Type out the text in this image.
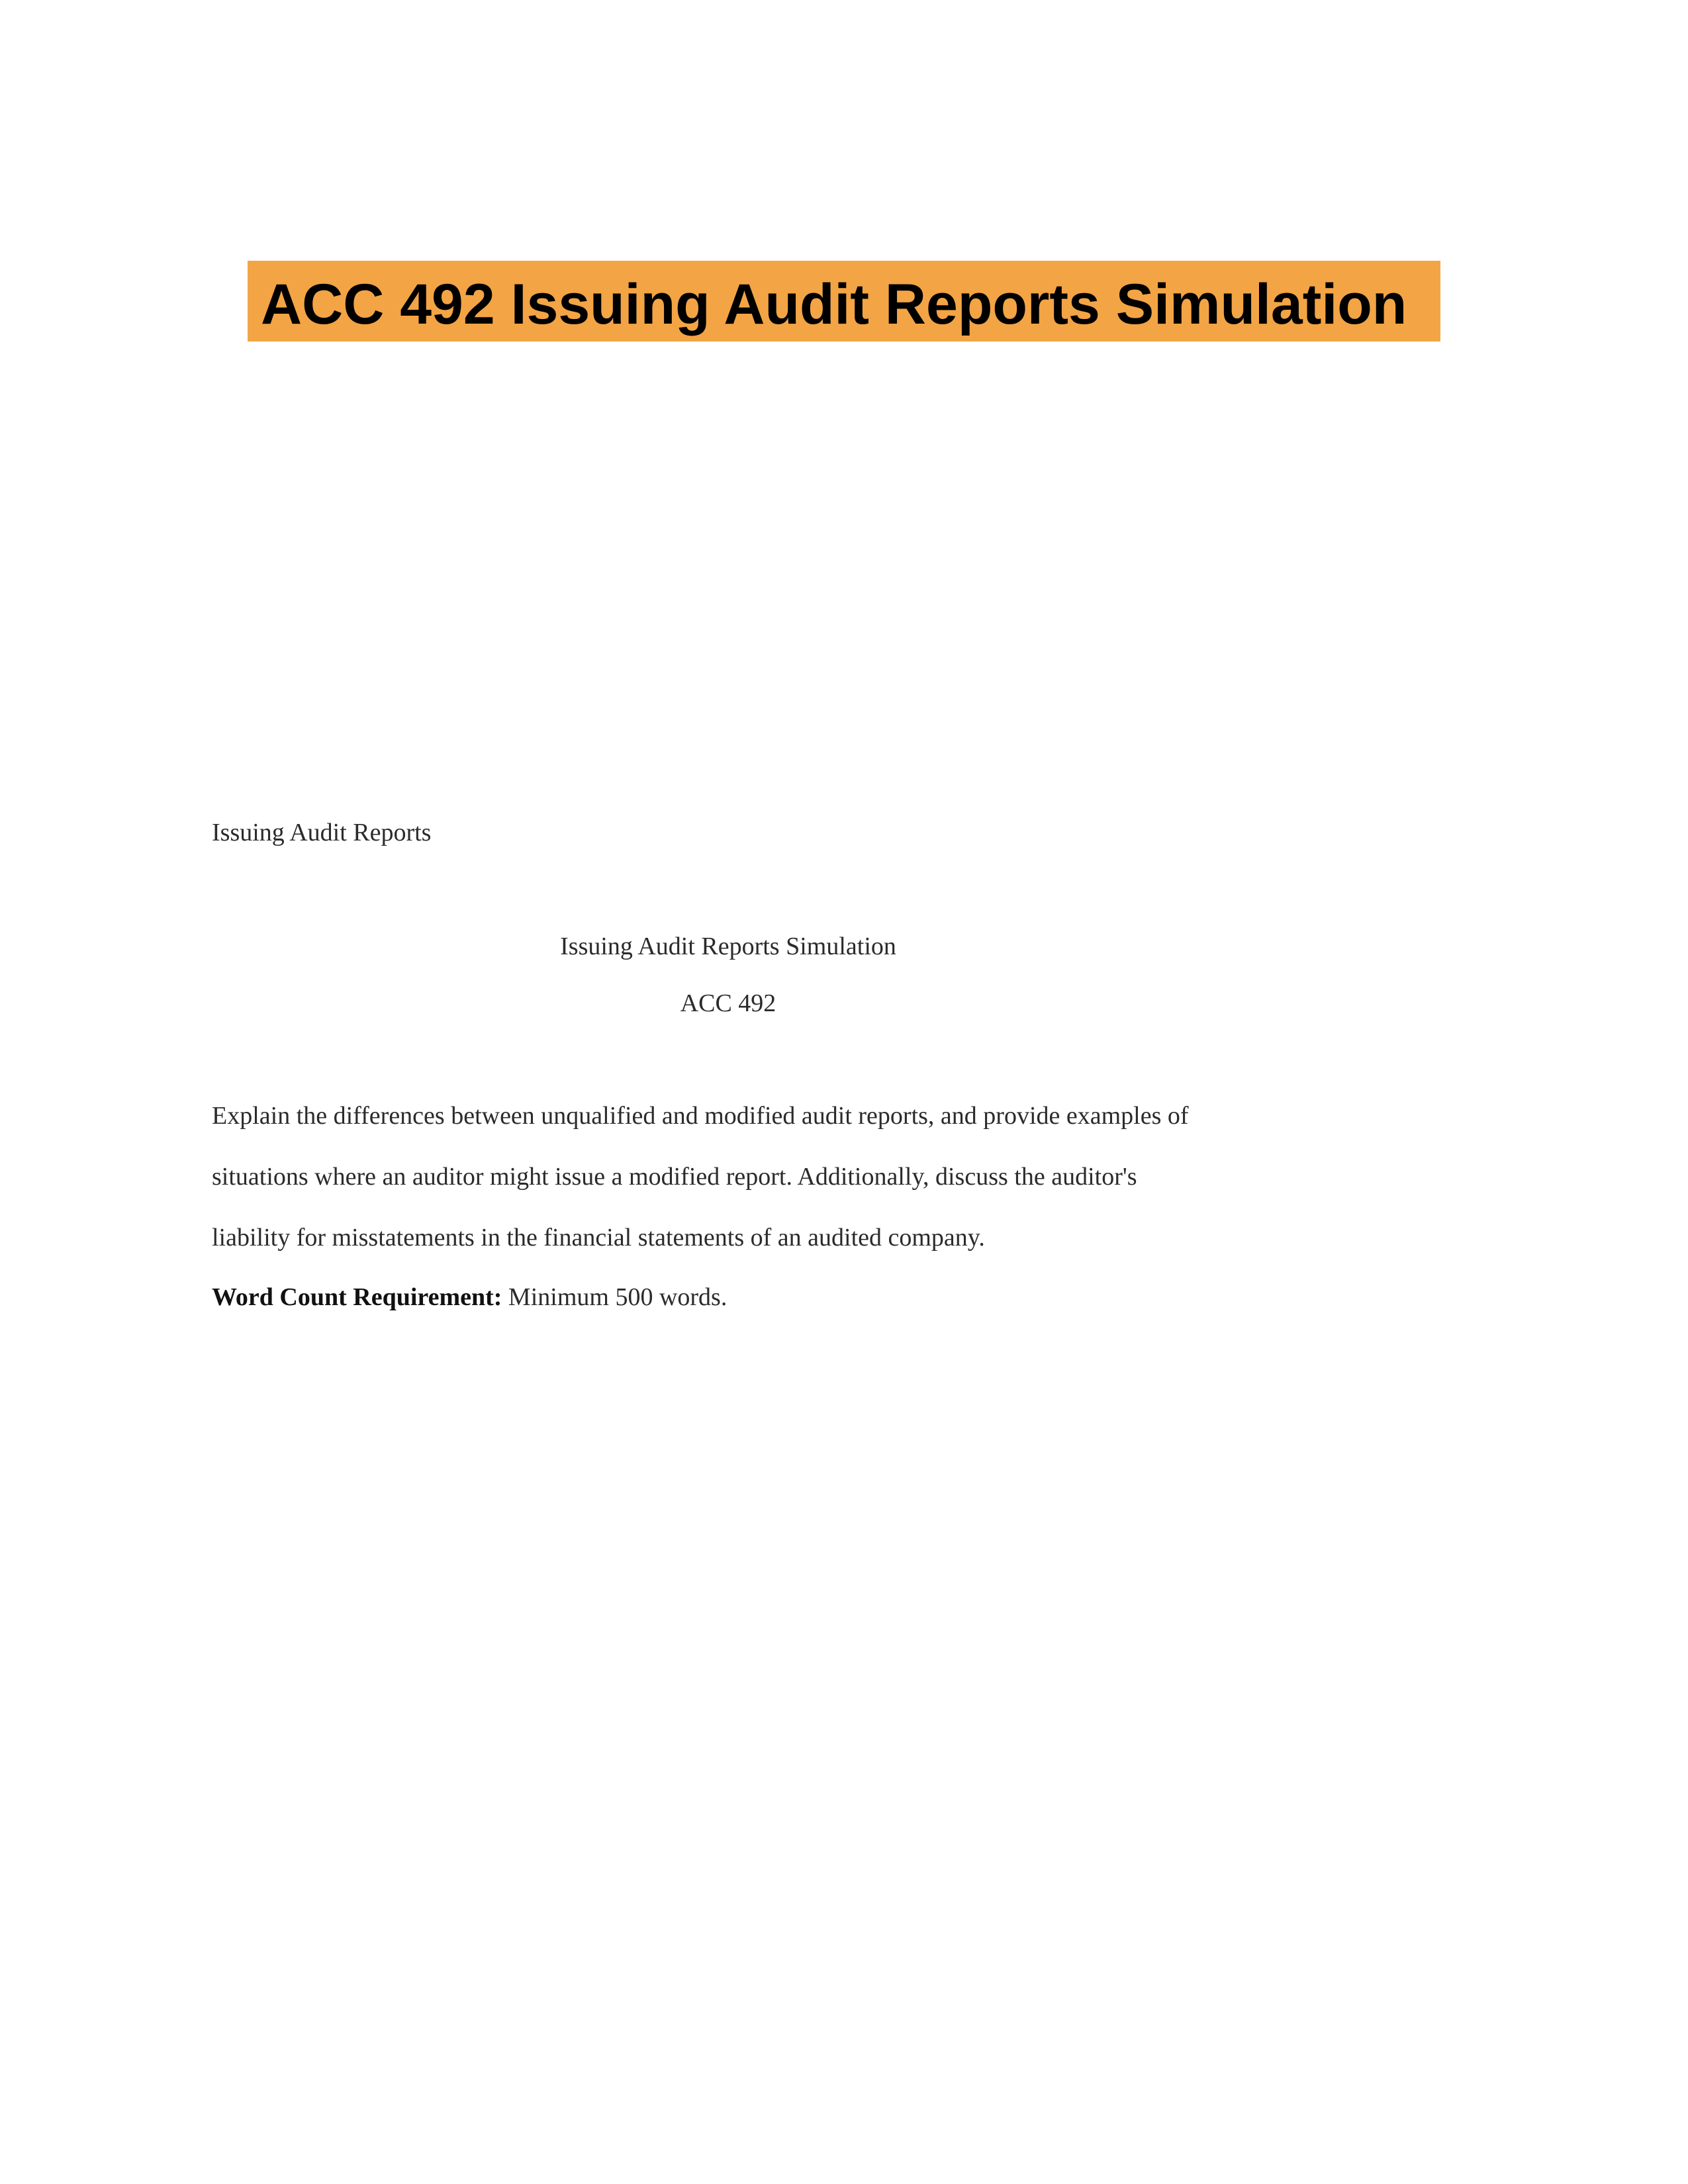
ACC 492 Issuing Audit Reports Simulation
Issuing Audit Reports
Issuing Audit Reports Simulation
ACC 492
Explain the differences between unqualified and modified audit reports, and provide examples of
situations where an auditor might issue a modified report. Additionally, discuss the auditor's
liability for misstatements in the financial statements of an audited company.
Word Count Requirement: Minimum 500 words.
